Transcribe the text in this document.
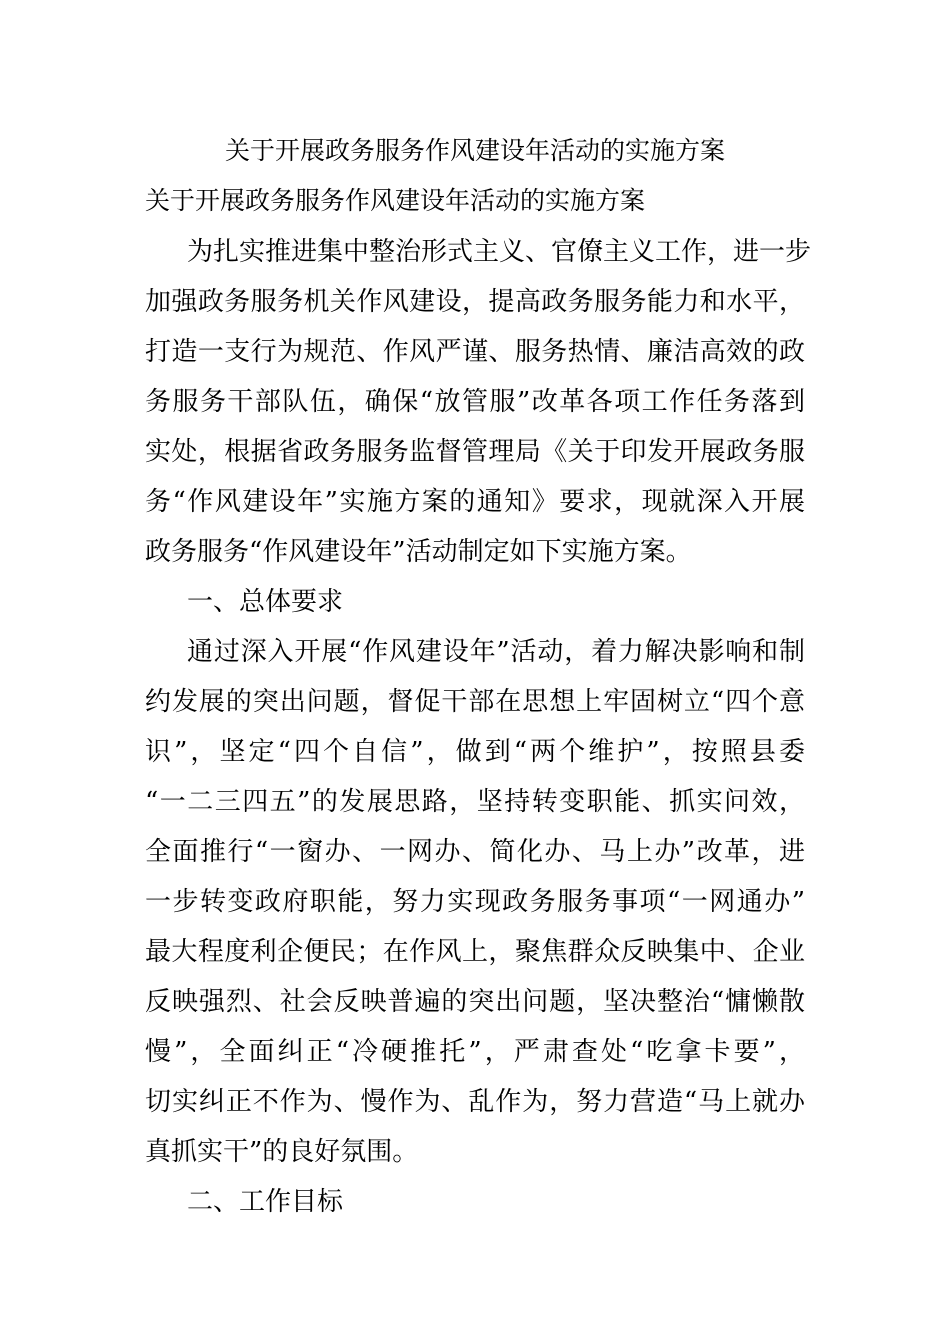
关于开展政务服务作风建设年活动的实施方案
关于开展政务服务作风建设年活动的实施方案
为扎实推进集中整治形式主义、官僚主义工作，进一步
加强政务服务机关作风建设，提高政务服务能力和水平，
打造一支行为规范、作风严谨、服务热情、廉洁高效的政
务服务干部队伍，确保“放管服”改革各项工作任务落到
实处，根据省政务服务监督管理局《关于印发开展政务服
务“作风建设年”实施方案的通知》要求，现就深入开展
政务服务“作风建设年”活动制定如下实施方案。
一、总体要求
通过深入开展“作风建设年”活动，着力解决影响和制
约发展的突出问题，督促干部在思想上牢固树立“四个意
识”，坚定“四个自信”，做到“两个维护”，按照县委
“一二三四五”的发展思路，坚持转变职能、抓实问效，
全面推行“一窗办、一网办、简化办、马上办”改革，进
一步转变政府职能，努力实现政务服务事项“一网通办”
最大程度利企便民；在作风上，聚焦群众反映集中、企业
反映强烈、社会反映普遍的突出问题，坚决整治“慵懒散
慢”，全面纠正“冷硬推托”，严肃查处“吃拿卡要”，
切实纠正不作为、慢作为、乱作为，努力营造“马上就办
真抓实干”的良好氛围。
二、工作目标
